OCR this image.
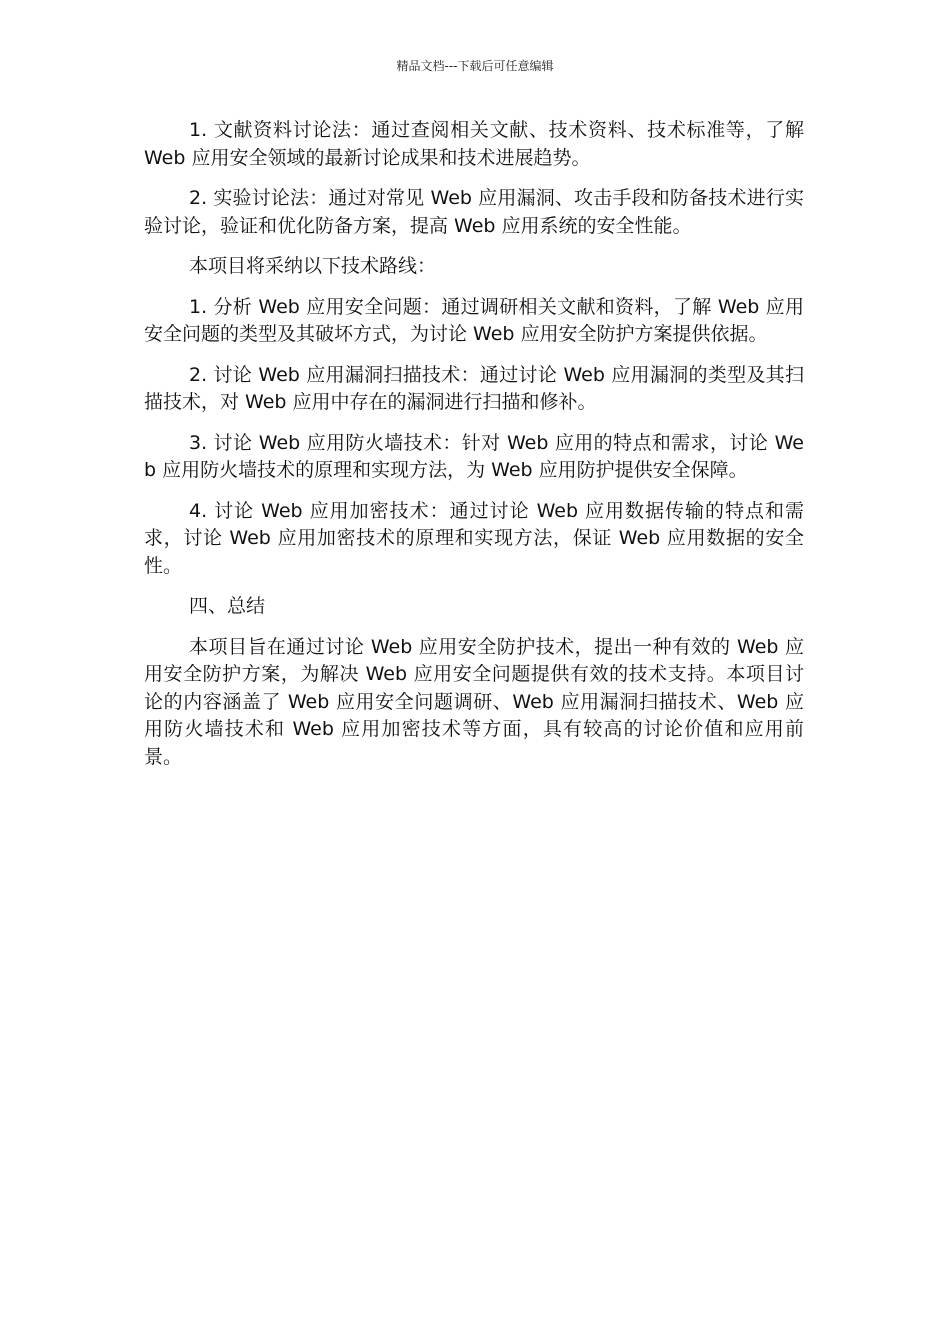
精品文档---下载后可任意编辑

1. 文献资料讨论法：通过查阅相关文献、技术资料、技术标准等，了解 Web 应用安全领域的最新讨论成果和技术进展趋势。

2. 实验讨论法：通过对常见 Web 应用漏洞、攻击手段和防备技术进行实验讨论，验证和优化防备方案，提高 Web 应用系统的安全性能。

本项目将采纳以下技术路线：

1. 分析 Web 应用安全问题：通过调研相关文献和资料，了解 Web 应用安全问题的类型及其破坏方式，为讨论 Web 应用安全防护方案提供依据。

2. 讨论 Web 应用漏洞扫描技术：通过讨论 Web 应用漏洞的类型及其扫描技术，对 Web 应用中存在的漏洞进行扫描和修补。

3. 讨论 Web 应用防火墙技术：针对 Web 应用的特点和需求，讨论 Web 应用防火墙技术的原理和实现方法，为 Web 应用防护提供安全保障。

4. 讨论 Web 应用加密技术：通过讨论 Web 应用数据传输的特点和需求，讨论 Web 应用加密技术的原理和实现方法，保证 Web 应用数据的安全性。

四、总结

本项目旨在通过讨论 Web 应用安全防护技术，提出一种有效的 Web 应用安全防护方案，为解决 Web 应用安全问题提供有效的技术支持。本项目讨论的内容涵盖了 Web 应用安全问题调研、Web 应用漏洞扫描技术、Web 应用防火墙技术和 Web 应用加密技术等方面，具有较高的讨论价值和应用前景。
